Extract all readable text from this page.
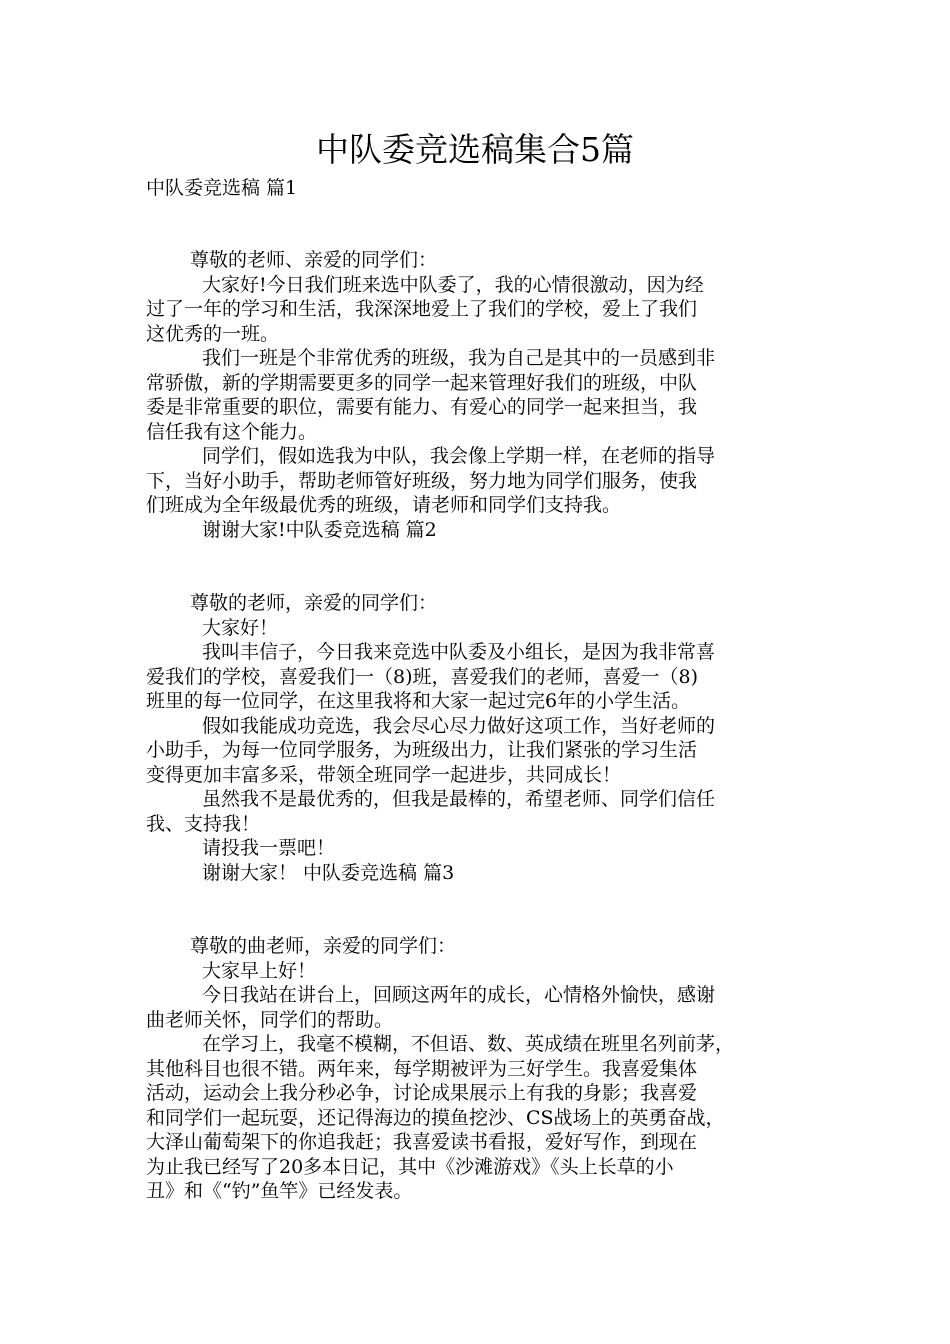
中队委竞选稿集合5篇
中队委竞选稿 篇1

尊敬的老师、亲爱的同学们：

大家好!今日我们班来选中队委了，我的心情很激动，因为经

过了一年的学习和生活，我深深地爱上了我们的学校，爱上了我们

这优秀的一班。

我们一班是个非常优秀的班级，我为自己是其中的一员感到非

常骄傲，新的学期需要更多的同学一起来管理好我们的班级，中队

委是非常重要的职位，需要有能力、有爱心的同学一起来担当，我

信任我有这个能力。

同学们，假如选我为中队，我会像上学期一样，在老师的指导

下，当好小助手，帮助老师管好班级，努力地为同学们服务，使我

们班成为全年级最优秀的班级，请老师和同学们支持我。

谢谢大家!中队委竞选稿 篇2

尊敬的老师，亲爱的同学们：

大家好！

我叫丰信子，今日我来竞选中队委及小组长，是因为我非常喜

爱我们的学校，喜爱我们一（8)班，喜爱我们的老师，喜爱一（8)

班里的每一位同学，在这里我将和大家一起过完6年的小学生活。

假如我能成功竞选，我会尽心尽力做好这项工作，当好老师的

小助手，为每一位同学服务，为班级出力，让我们紧张的学习生活

变得更加丰富多采，带领全班同学一起进步，共同成长！

虽然我不是最优秀的，但我是最棒的，希望老师、同学们信任

我、支持我！

请投我一票吧！

谢谢大家！ 中队委竞选稿 篇3

尊敬的曲老师，亲爱的同学们：

大家早上好！

今日我站在讲台上，回顾这两年的成长，心情格外愉快，感谢

曲老师关怀，同学们的帮助。

在学习上，我毫不模糊，不但语、数、英成绩在班里名列前茅，

其他科目也很不错。两年来，每学期被评为三好学生。我喜爱集体

活动，运动会上我分秒必争，讨论成果展示上有我的身影；我喜爱

和同学们一起玩耍，还记得海边的摸鱼挖沙、CS战场上的英勇奋战，

大泽山葡萄架下的你追我赶；我喜爱读书看报，爱好写作，到现在

为止我已经写了20多本日记，其中《沙滩游戏》《头上长草的小

丑》和《“钓”鱼竿》已经发表。
